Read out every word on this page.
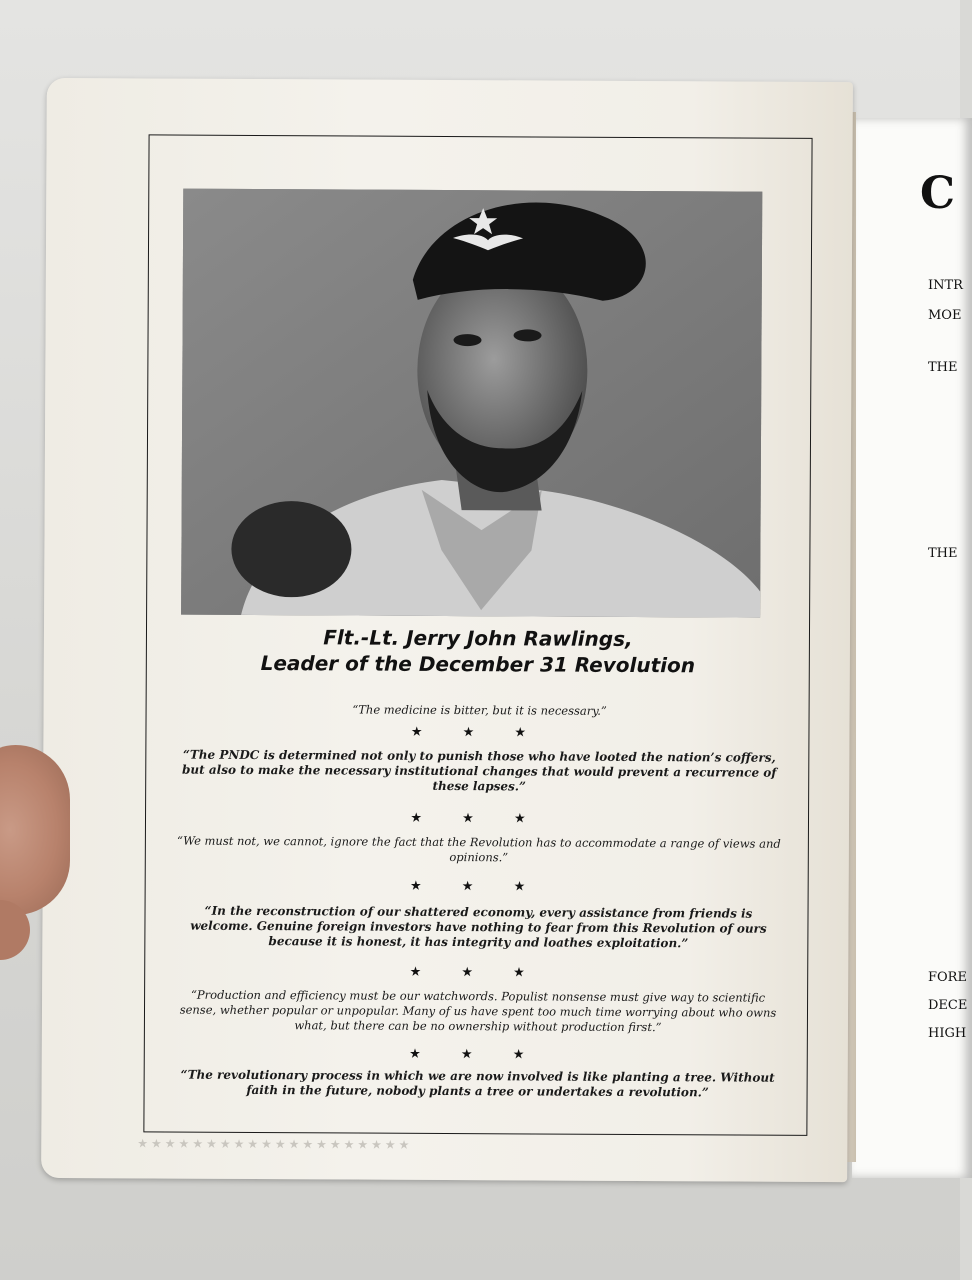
C
INTR
MOE
THE
THE
FORE
DECE
HIGH
Flt.-Lt. Jerry John Rawlings,
Leader of the December 31 Revolution
“The medicine is bitter, but it is necessary.”
★ ★ ★
“The PNDC is determined not only to punish those who have looted the nation’s coffers, but also to make the necessary institutional changes that would prevent a recurrence of these lapses.”
★ ★ ★
“We must not, we cannot, ignore the fact that the Revolution has to accommodate a range of views and opinions.”
★ ★ ★
“In the reconstruction of our shattered economy, every assistance from friends is welcome. Genuine foreign investors have nothing to fear from this Revolution of ours because it is honest, it has integrity and loathes exploitation.”
★ ★ ★
“Production and efficiency must be our watchwords. Populist nonsense must give way to scientific sense, whether popular or unpopular. Many of us have spent too much time worrying about who owns what, but there can be no ownership without production first.”
★ ★ ★
“The revolutionary process in which we are now involved is like planting a tree. Without faith in the future, nobody plants a tree or undertakes a revolution.”
★★★★★★★★★★★★★★★★★★★★
